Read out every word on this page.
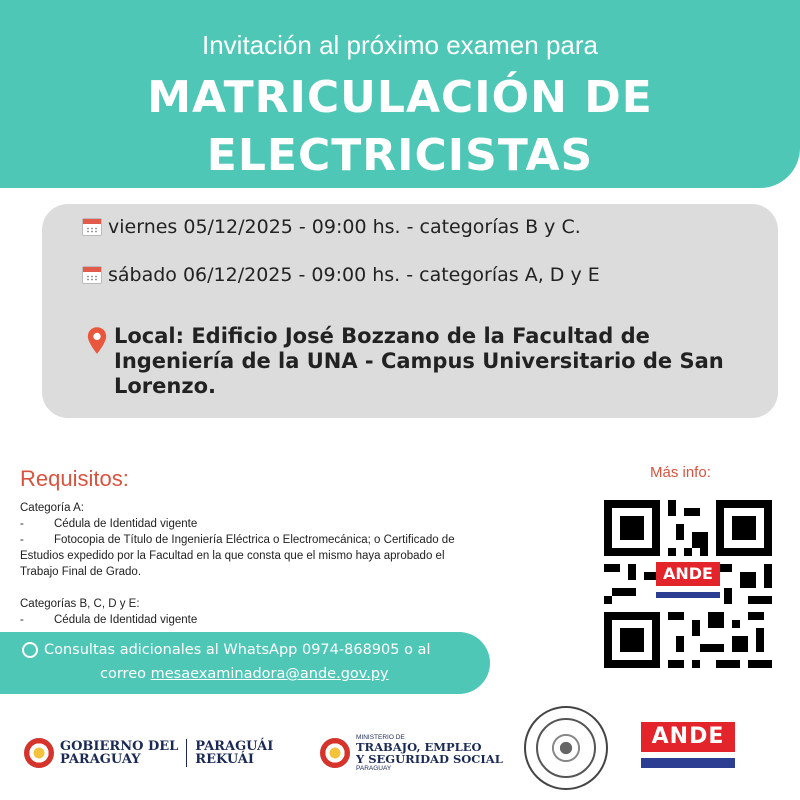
Invitación al próximo examen para
MATRICULACIÓN DE
ELECTRICISTAS
viernes 05/12/2025 - 09:00 hs. - categorías B y C.
sábado 06/12/2025 - 09:00 hs. - categorías A, D y E
Local: Edificio José Bozzano de la Facultad de
Ingeniería de la UNA - Campus Universitario de San
Lorenzo.
Requisitos:
Categoría A:
-	Cédula de Identidad vigente
-	Fotocopia de Título de Ingeniería Eléctrica o Electromecánica; o Certificado de
Estudios expedido por la Facultad en la que consta que el mismo haya aprobado el
Trabajo Final de Grado.
Categorías B, C, D y E:
-	Cédula de Identidad vigente
Más info:
ANDE
Consultas adicionales al WhatsApp 0974-868905 o al
correo mesaexaminadora@ande.gov.py
GOBIERNO DEL
PARAGUAY
PARAGUÁI
REKUÁI
MINISTERIO DE
TRABAJO, EMPLEO
Y SEGURIDAD SOCIAL
PARAGUAY
ANDE
